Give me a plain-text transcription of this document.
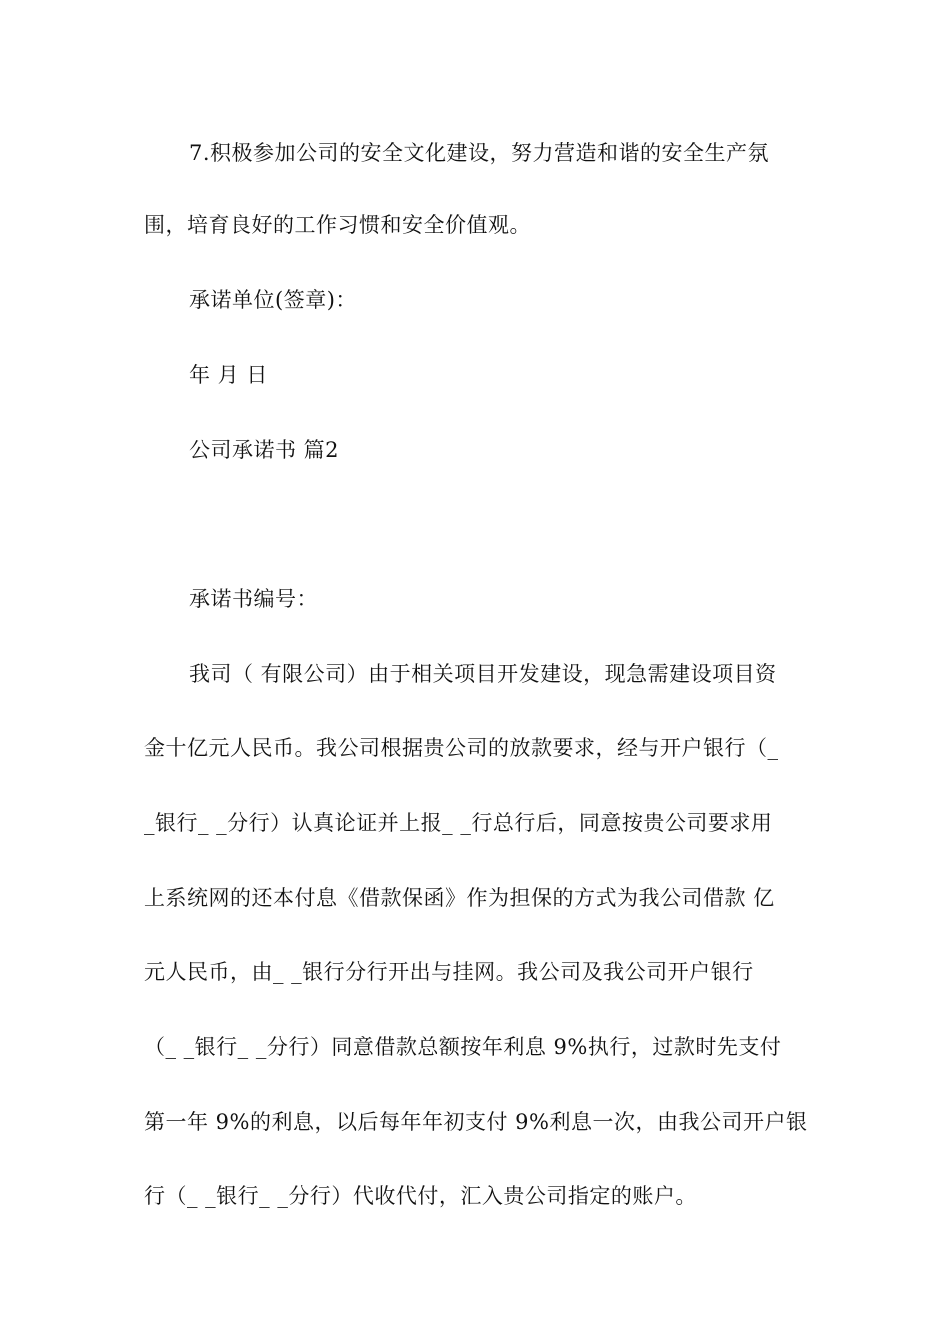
7.积极参加公司的安全文化建设，努力营造和谐的安全生产氛
围，培育良好的工作习惯和安全价值观。
承诺单位(签章)：
年 月 日
公司承诺书 篇2
承诺书编号：
我司（ 有限公司）由于相关项目开发建设，现急需建设项目资
金十亿元人民币。我公司根据贵公司的放款要求，经与开户银行（_
_银行_ _分行）认真论证并上报_ _行总行后，同意按贵公司要求用
上系统网的还本付息《借款保函》作为担保的方式为我公司借款 亿
元人民币，由_ _银行分行开出与挂网。我公司及我公司开户银行
（_ _银行_ _分行）同意借款总额按年利息 9%执行，过款时先支付
第一年 9%的利息，以后每年年初支付 9%利息一次，由我公司开户银
行（_ _银行_ _分行）代收代付，汇入贵公司指定的账户。
